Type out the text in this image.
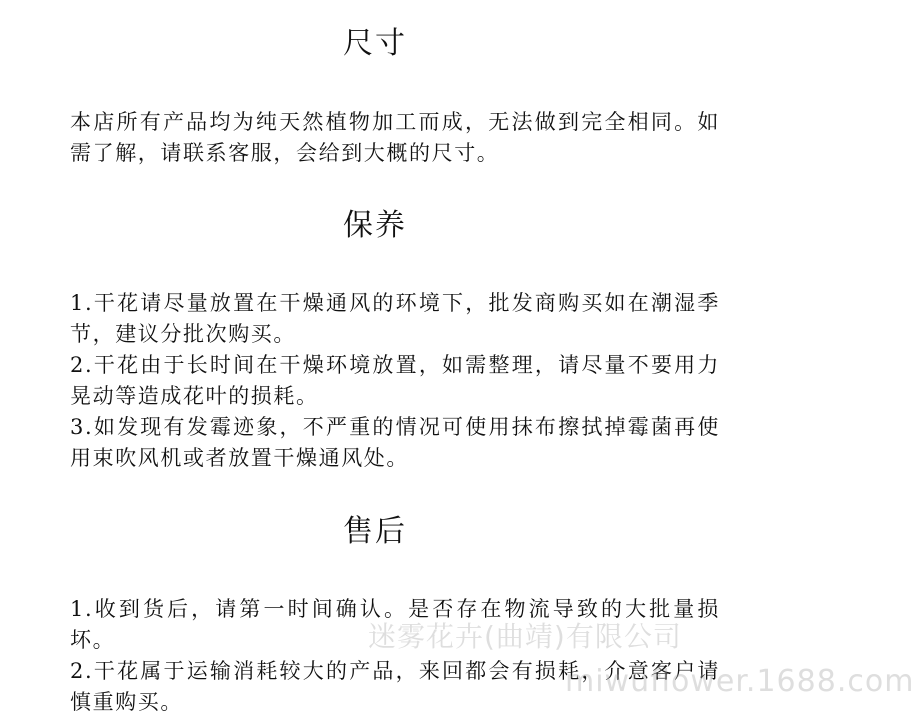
尺寸

本店所有产品均为纯天然植物加工而成，无法做到完全相同。如需了解，请联系客服，会给到大概的尺寸。

保养
1.干花请尽量放置在干燥通风的环境下，批发商购买如在潮湿季节，建议分批次购买。
2.干花由于长时间在干燥环境放置，如需整理，请尽量不要用力晃动等造成花叶的损耗。
3.如发现有发霉迹象，不严重的情况可使用抹布擦拭掉霉菌再使用束吹风机或者放置干燥通风处。
售后
1.收到货后，请第一时间确认。是否存在物流导致的大批量损坏。
2.干花属于运输消耗较大的产品，来回都会有损耗，介意客户请慎重购买。
迷雾花卉(曲靖)有限公司
miwuflower.1688.com
